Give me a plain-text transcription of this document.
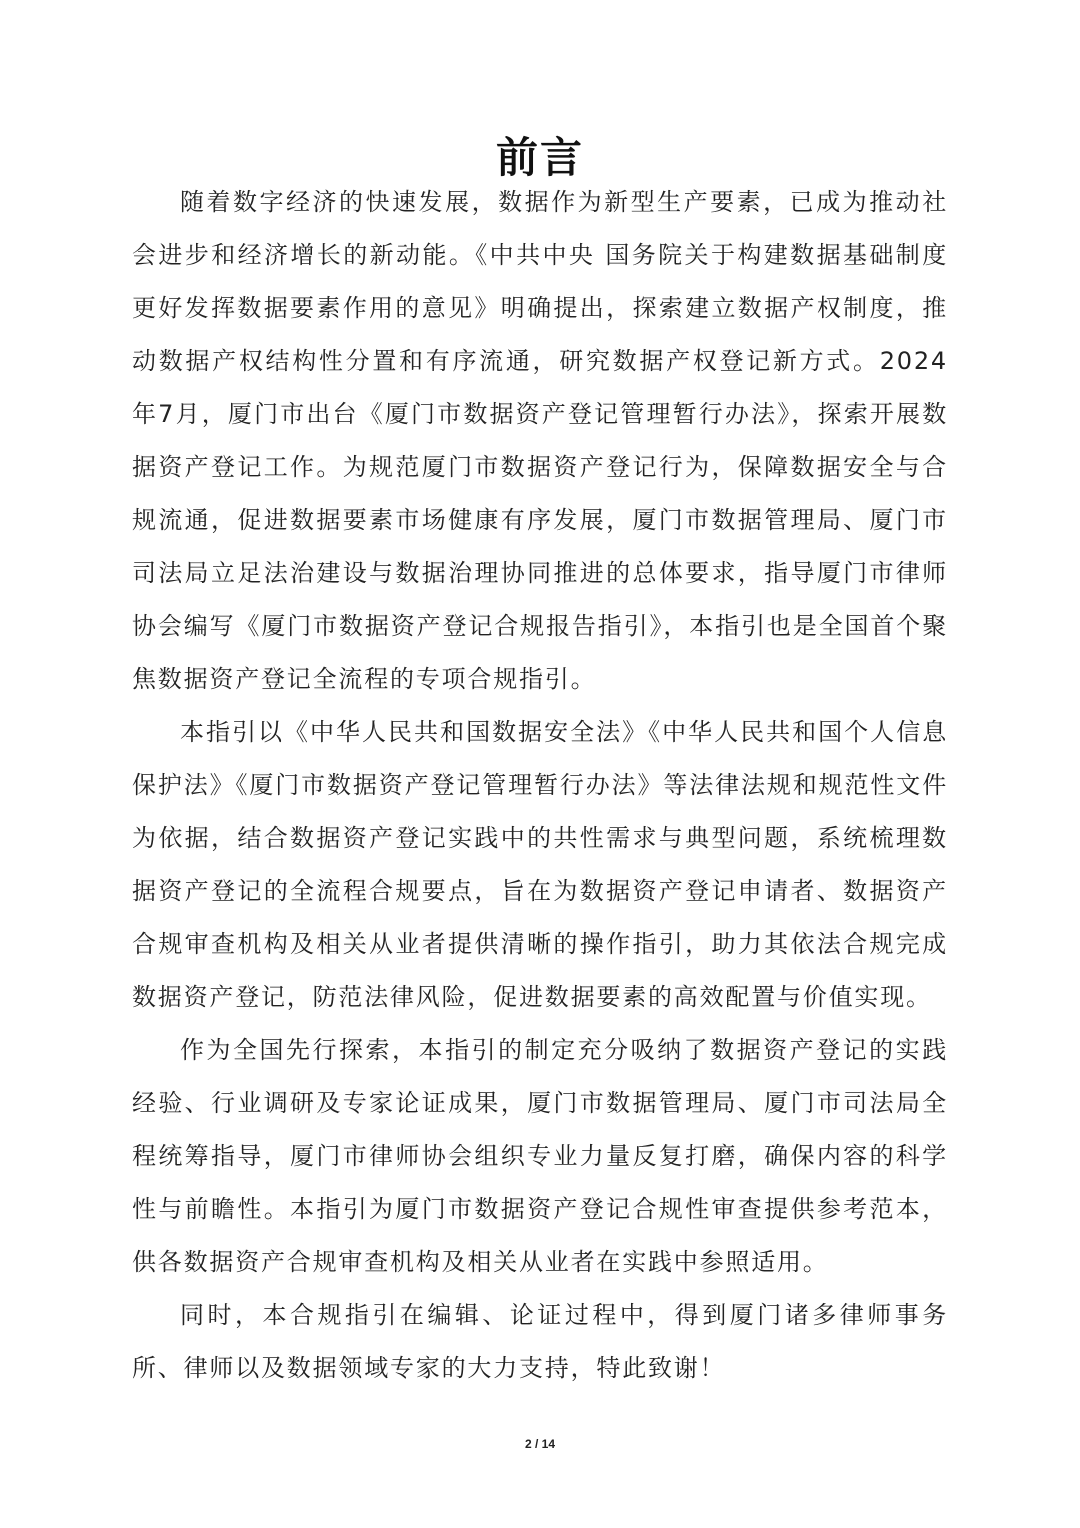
前言

随着数字经济的快速发展，数据作为新型生产要素，已成为推动社会进步和经济增长的新动能。《中共中央 国务院关于构建数据基础制度更好发挥数据要素作用的意见》明确提出，探索建立数据产权制度，推动数据产权结构性分置和有序流通，研究数据产权登记新方式。2024年7月，厦门市出台《厦门市数据资产登记管理暂行办法》，探索开展数据资产登记工作。为规范厦门市数据资产登记行为，保障数据安全与合规流通，促进数据要素市场健康有序发展，厦门市数据管理局、厦门市司法局立足法治建设与数据治理协同推进的总体要求，指导厦门市律师协会编写《厦门市数据资产登记合规报告指引》，本指引也是全国首个聚焦数据资产登记全流程的专项合规指引。

本指引以《中华人民共和国数据安全法》《中华人民共和国个人信息保护法》《厦门市数据资产登记管理暂行办法》等法律法规和规范性文件为依据，结合数据资产登记实践中的共性需求与典型问题，系统梳理数据资产登记的全流程合规要点，旨在为数据资产登记申请者、数据资产合规审查机构及相关从业者提供清晰的操作指引，助力其依法合规完成数据资产登记，防范法律风险，促进数据要素的高效配置与价值实现。

作为全国先行探索，本指引的制定充分吸纳了数据资产登记的实践经验、行业调研及专家论证成果，厦门市数据管理局、厦门市司法局全程统筹指导，厦门市律师协会组织专业力量反复打磨，确保内容的科学性与前瞻性。本指引为厦门市数据资产登记合规性审查提供参考范本，供各数据资产合规审查机构及相关从业者在实践中参照适用。

同时，本合规指引在编辑、论证过程中，得到厦门诸多律师事务所、律师以及数据领域专家的大力支持，特此致谢！

2 / 14
